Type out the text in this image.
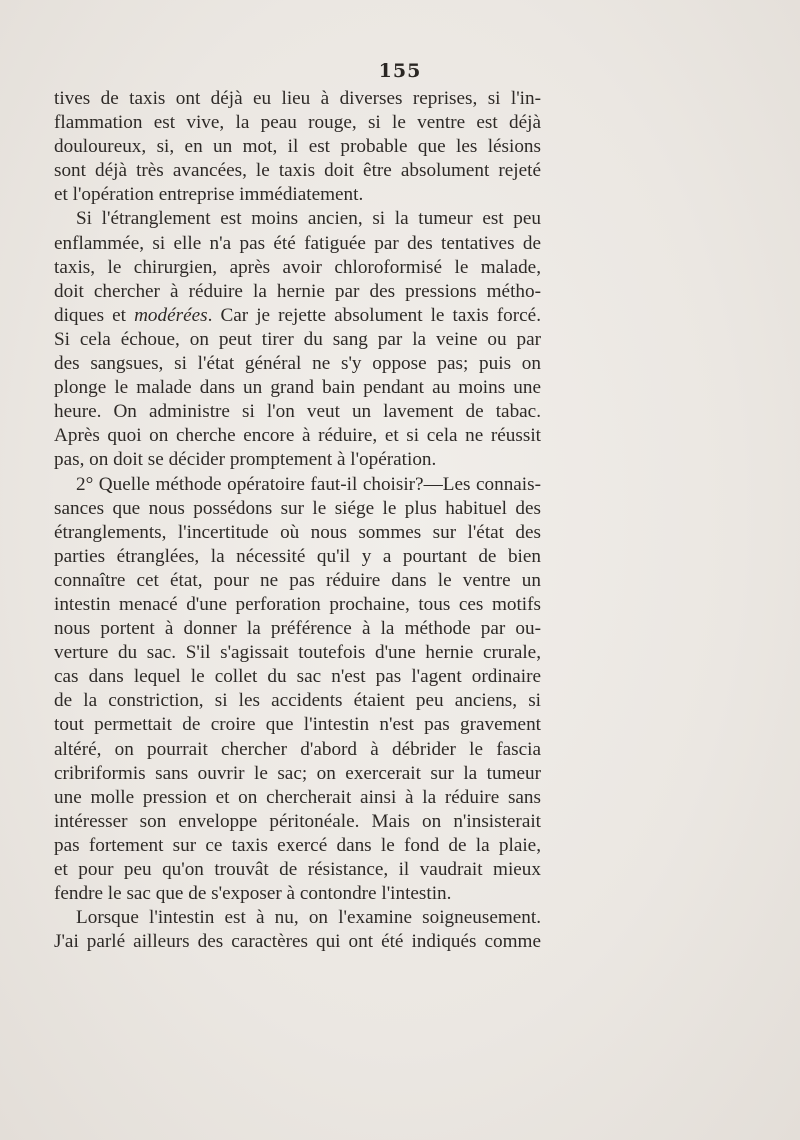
155
tives de taxis ont déjà eu lieu à diverses reprises, si l'in-
flammation est vive, la peau rouge, si le ventre est déjà
douloureux, si, en un mot, il est probable que les lésions
sont déjà très avancées, le taxis doit être absolument rejeté
et l'opération entreprise immédiatement.
Si l'étranglement est moins ancien, si la tumeur est peu
enflammée, si elle n'a pas été fatiguée par des tentatives de
taxis, le chirurgien, après avoir chloroformisé le malade,
doit chercher à réduire la hernie par des pressions métho-
diques et modérées. Car je rejette absolument le taxis forcé.
Si cela échoue, on peut tirer du sang par la veine ou par
des sangsues, si l'état général ne s'y oppose pas; puis on
plonge le malade dans un grand bain pendant au moins une
heure. On administre si l'on veut un lavement de tabac.
Après quoi on cherche encore à réduire, et si cela ne réussit
pas, on doit se décider promptement à l'opération.
2° Quelle méthode opératoire faut-il choisir?—Les connais-
sances que nous possédons sur le siége le plus habituel des
étranglements, l'incertitude où nous sommes sur l'état des
parties étranglées, la nécessité qu'il y a pourtant de bien
connaître cet état, pour ne pas réduire dans le ventre un
intestin menacé d'une perforation prochaine, tous ces motifs
nous portent à donner la préférence à la méthode par ou-
verture du sac. S'il s'agissait toutefois d'une hernie crurale,
cas dans lequel le collet du sac n'est pas l'agent ordinaire
de la constriction, si les accidents étaient peu anciens, si
tout permettait de croire que l'intestin n'est pas gravement
altéré, on pourrait chercher d'abord à débrider le fascia
cribriformis sans ouvrir le sac; on exercerait sur la tumeur
une molle pression et on chercherait ainsi à la réduire sans
intéresser son enveloppe péritonéale. Mais on n'insisterait
pas fortement sur ce taxis exercé dans le fond de la plaie,
et pour peu qu'on trouvât de résistance, il vaudrait mieux
fendre le sac que de s'exposer à contondre l'intestin.
Lorsque l'intestin est à nu, on l'examine soigneusement.
J'ai parlé ailleurs des caractères qui ont été indiqués comme
